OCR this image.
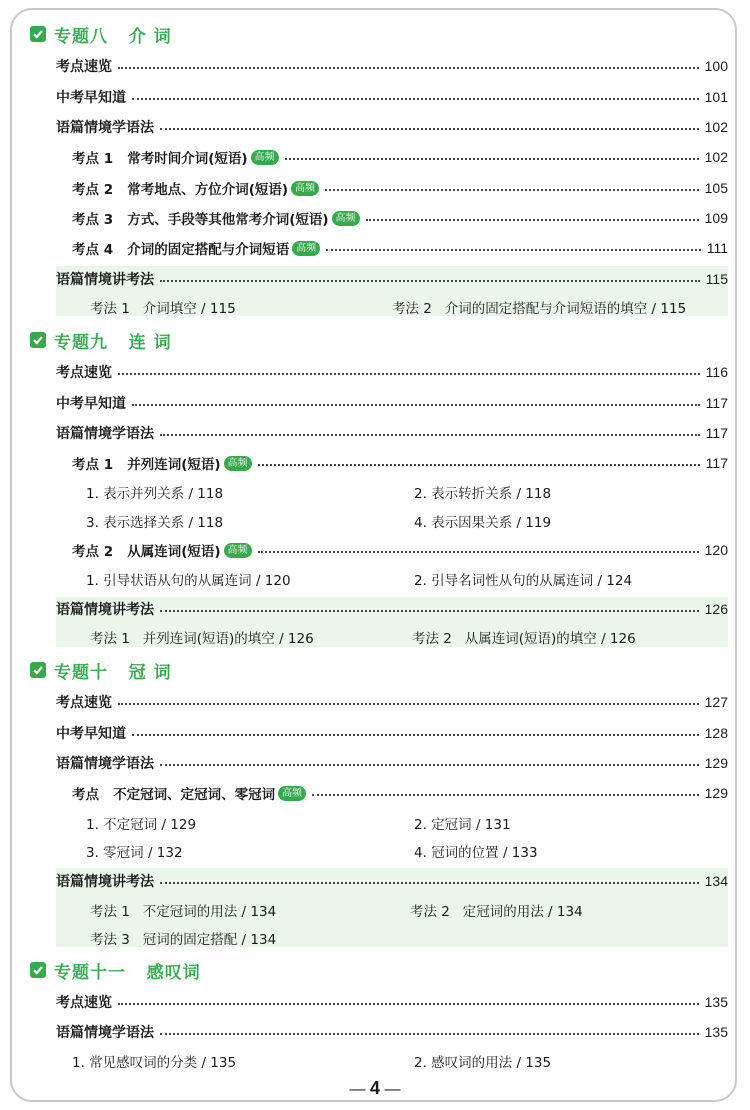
专题八   介 词
考点速览	100
中考早知道	101
语篇情境学语法	102
考点 1   常考时间介词(短语) 高频	102
考点 2   常考地点、方位介词(短语) 高频	105
考点 3   方式、手段等其他常考介词(短语) 高频	109
考点 4   介词的固定搭配与介词短语 高频	111
语篇情境讲考法	115
考法 1   介词填空 / 115	考法 2   介词的固定搭配与介词短语的填空 / 115
专题九   连 词
考点速览	116
中考早知道	117
语篇情境学语法	117
考点 1   并列连词(短语) 高频	117
1. 表示并列关系 / 118	2. 表示转折关系 / 118
3. 表示选择关系 / 118	4. 表示因果关系 / 119
考点 2   从属连词(短语) 高频	120
1. 引导状语从句的从属连词 / 120	2. 引导名词性从句的从属连词 / 124
语篇情境讲考法	126
考法 1   并列连词(短语)的填空 / 126	考法 2   从属连词(短语)的填空 / 126
专题十   冠 词
考点速览	127
中考早知道	128
语篇情境学语法	129
考点   不定冠词、定冠词、零冠词 高频	129
1. 不定冠词 / 129	2. 定冠词 / 131
3. 零冠词 / 132	4. 冠词的位置 / 133
语篇情境讲考法	134
考法 1   不定冠词的用法 / 134	考法 2   定冠词的用法 / 134
考法 3   冠词的固定搭配 / 134
专题十一   感叹词
考点速览	135
语篇情境学语法	135
1. 常见感叹词的分类 / 135	2. 感叹词的用法 / 135
— 4 —
